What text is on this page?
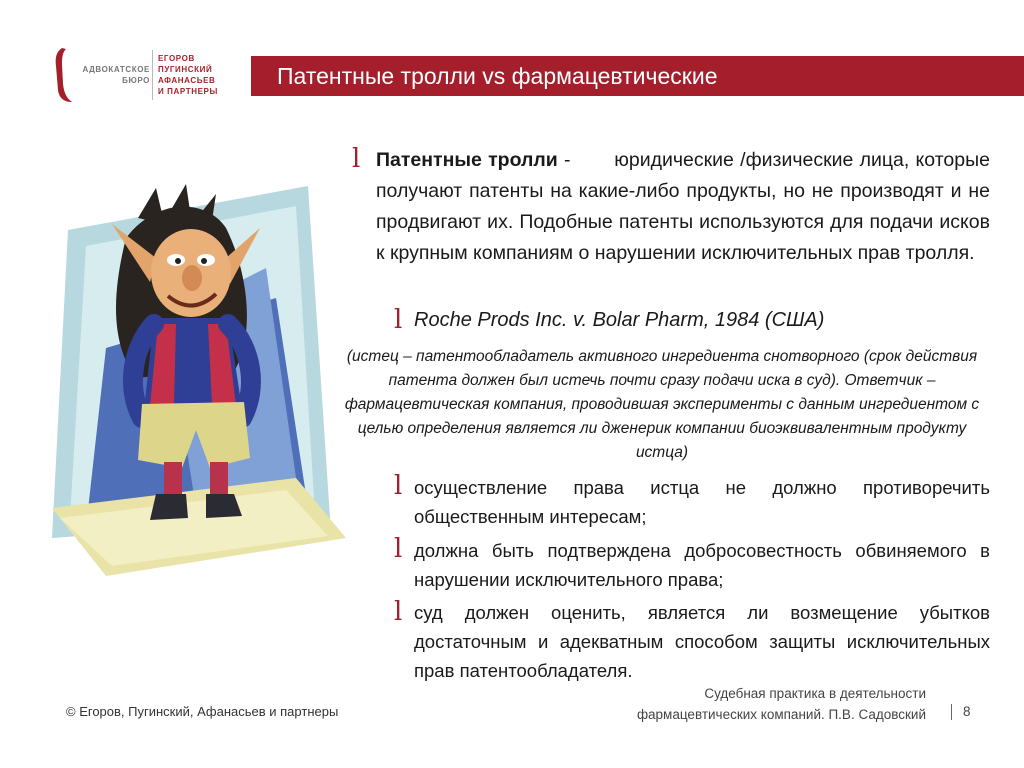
АДВОКАТСКОЕ
БЮРО
ЕГОРОВ
ПУГИНСКИЙ
АФАНАСЬЕВ
И ПАРТНЕРЫ
Патентные тролли vs фармацевтические
l Патентные тролли - юридические /физические лица, которые получают патенты на какие-либо продукты, но не производят и не продвигают их. Подобные патенты используются для подачи исков к крупным компаниям о нарушении исключительных прав тролля.
l Roche Prods Inc. v. Bolar Pharm, 1984 (США)
(истец – патентообладатель активного ингредиента снотворного (срок действия патента должен был истечь почти сразу подачи иска в суд). Ответчик – фармацевтическая компания, проводившая эксперименты с данным ингредиентом с целью определения является ли дженерик компании биоэквивалентным продукту истца)
l осуществление права истца не должно противоречить общественным интересам;
l должна быть подтверждена добросовестность обвиняемого в нарушении исключительного права;
l суд должен оценить, является ли возмещение убытков достаточным и адекватным способом защиты исключительных прав патентообладателя.
© Егоров, Пугинский, Афанасьев и партнеры
Судебная практика в деятельности
фармацевтических компаний. П.В. Садовский	8
